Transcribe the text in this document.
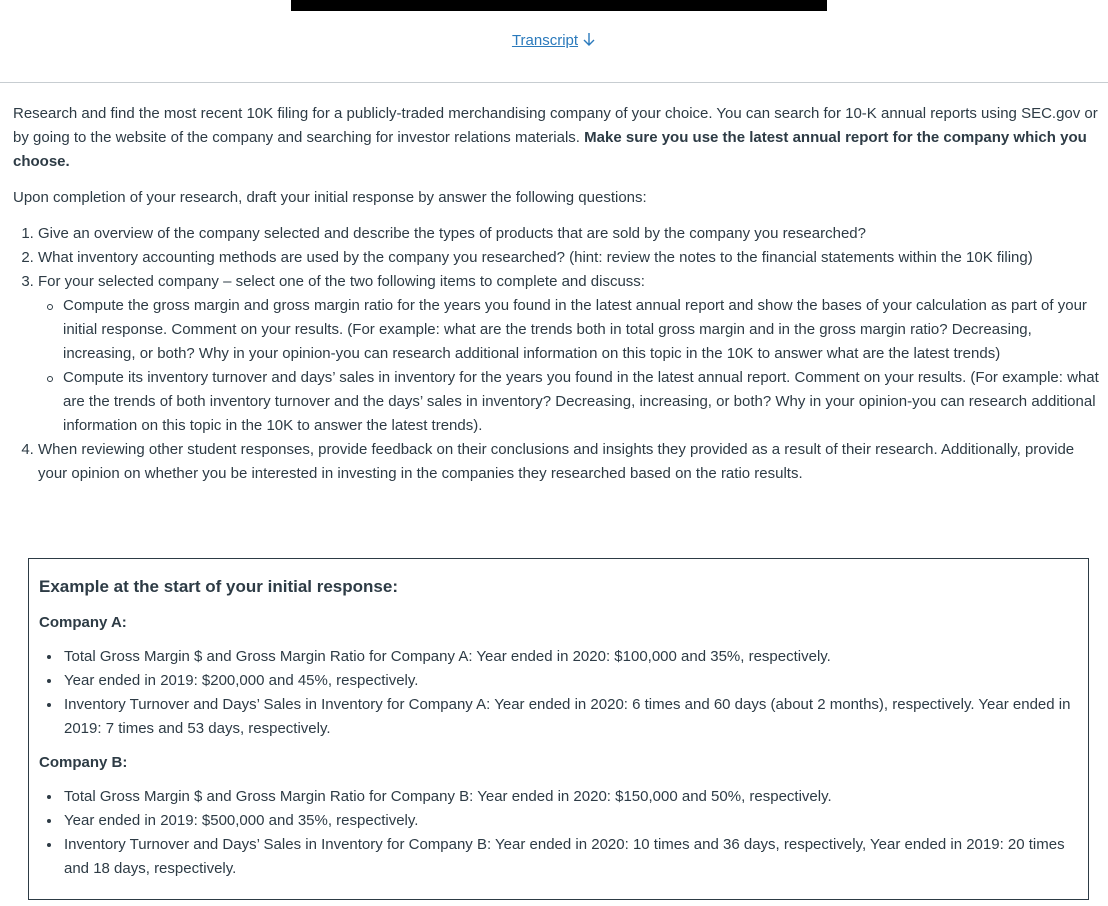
Transcript

Research and find the most recent 10K filing for a publicly-traded merchandising company of your choice. You can search for 10-K annual reports using SEC.gov or by going to the website of the company and searching for investor relations materials. Make sure you use the latest annual report for the company which you choose.

Upon completion of your research, draft your initial response by answer the following questions:

1. Give an overview of the company selected and describe the types of products that are sold by the company you researched?
2. What inventory accounting methods are used by the company you researched? (hint: review the notes to the financial statements within the 10K filing)
3. For your selected company – select one of the two following items to complete and discuss:
Compute the gross margin and gross margin ratio for the years you found in the latest annual report and show the bases of your calculation as part of your initial response. Comment on your results. (For example: what are the trends both in total gross margin and in the gross margin ratio? Decreasing, increasing, or both? Why in your opinion-you can research additional information on this topic in the 10K to answer what are the latest trends)
Compute its inventory turnover and days’ sales in inventory for the years you found in the latest annual report. Comment on your results. (For example: what are the trends of both inventory turnover and the days’ sales in inventory? Decreasing, increasing, or both? Why in your opinion-you can research additional information on this topic in the 10K to answer the latest trends).
4. When reviewing other student responses, provide feedback on their conclusions and insights they provided as a result of their research. Additionally, provide your opinion on whether you be interested in investing in the companies they researched based on the ratio results.
Example at the start of your initial response:
Company A:
Total Gross Margin $ and Gross Margin Ratio for Company A: Year ended in 2020: $100,000 and 35%, respectively.
Year ended in 2019: $200,000 and 45%, respectively.
Inventory Turnover and Days’ Sales in Inventory for Company A: Year ended in 2020: 6 times and 60 days (about 2 months), respectively. Year ended in 2019: 7 times and 53 days, respectively.
Company B:
Total Gross Margin $ and Gross Margin Ratio for Company B: Year ended in 2020: $150,000 and 50%, respectively.
Year ended in 2019: $500,000 and 35%, respectively.
Inventory Turnover and Days’ Sales in Inventory for Company B: Year ended in 2020: 10 times and 36 days, respectively, Year ended in 2019: 20 times and 18 days, respectively.
